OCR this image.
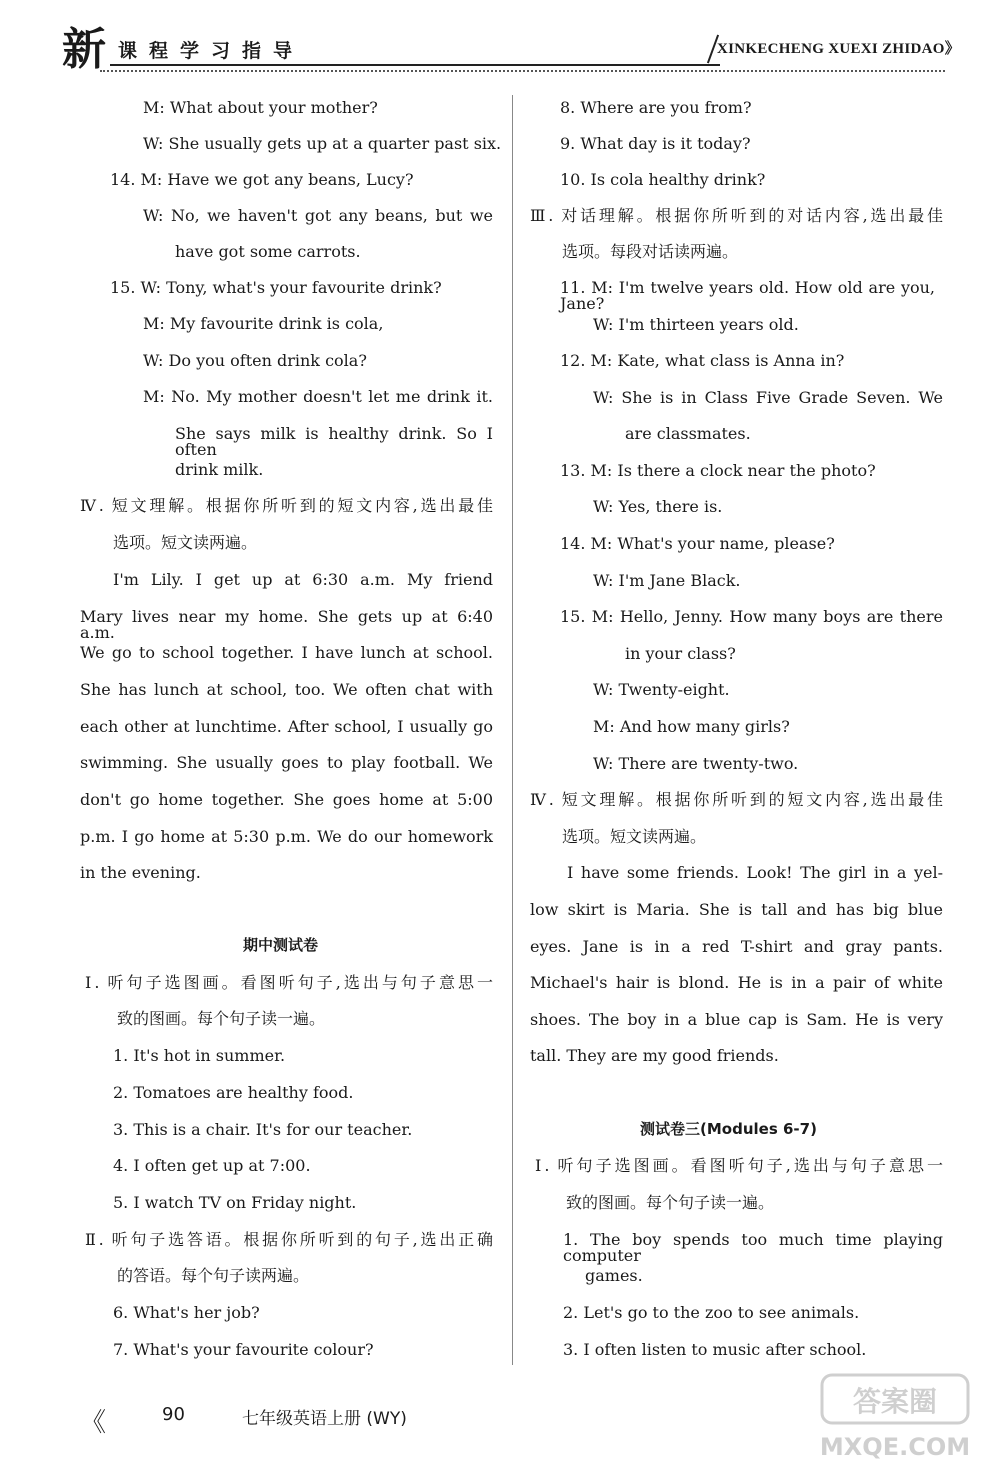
新 课程学习指导	XINKECHENG XUEXI ZHIDAO》
M: What about your mother?
W: She usually gets up at a quarter past six.
14. M: Have we got any beans, Lucy?
W: No, we haven't got any beans, but we
have got some carrots.
15. W: Tony, what's your favourite drink?
M: My favourite drink is cola,
W: Do you often drink cola?
M: No. My mother doesn't let me drink it.
She says milk is healthy drink. So I often
drink milk.
Ⅳ. 短文理解。根据你所听到的短文内容,选出最佳
选项。短文读两遍。
I'm Lily. I get up at 6:30 a.m. My friend
Mary lives near my home. She gets up at 6:40 a.m.
We go to school together. I have lunch at school.
She has lunch at school, too. We often chat with
each other at lunchtime. After school, I usually go
swimming. She usually goes to play football. We
don't go home together. She goes home at 5:00
p.m. I go home at 5:30 p.m. We do our homework
in the evening.
期中测试卷
Ⅰ. 听句子选图画。看图听句子,选出与句子意思一
致的图画。每个句子读一遍。
1. It's hot in summer.
2. Tomatoes are healthy food.
3. This is a chair. It's for our teacher.
4. I often get up at 7:00.
5. I watch TV on Friday night.
Ⅱ. 听句子选答语。根据你所听到的句子,选出正确
的答语。每个句子读两遍。
6. What's her job?
7. What's your favourite colour?
8. Where are you from?
9. What day is it today?
10. Is cola healthy drink?
Ⅲ. 对话理解。根据你所听到的对话内容,选出最佳
选项。每段对话读两遍。
11. M: I'm twelve years old. How old are you, Jane?
W: I'm thirteen years old.
12. M: Kate, what class is Anna in?
W: She is in Class Five Grade Seven. We
are classmates.
13. M: Is there a clock near the photo?
W: Yes, there is.
14. M: What's your name, please?
W: I'm Jane Black.
15. M: Hello, Jenny. How many boys are there
in your class?
W: Twenty-eight.
M: And how many girls?
W: There are twenty-two.
Ⅳ. 短文理解。根据你所听到的短文内容,选出最佳
选项。短文读两遍。
I have some friends. Look! The girl in a yel-
low skirt is Maria. She is tall and has big blue
eyes. Jane is in a red T-shirt and gray pants.
Michael's hair is blond. He is in a pair of white
shoes. The boy in a blue cap is Sam. He is very
tall. They are my good friends.
测试卷三(Modules 6-7)
Ⅰ. 听句子选图画。看图听句子,选出与句子意思一
致的图画。每个句子读一遍。
1. The boy spends too much time playing computer
games.
2. Let's go to the zoo to see animals.
3. I often listen to music after school.
《	90	七年级英语上册 (WY)
答案圈
MXQE.COM
